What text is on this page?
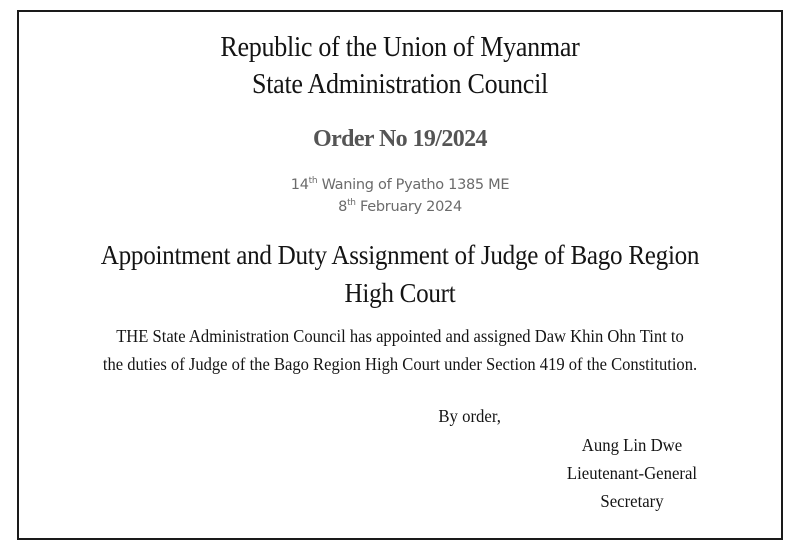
Republic of the Union of Myanmar
State Administration Council
Order No 19/2024
14th Waning of Pyatho 1385 ME
8th February 2024
Appointment and Duty Assignment of Judge of Bago Region
High Court
THE State Administration Council has appointed and assigned Daw Khin Ohn Tint to
the duties of Judge of the Bago Region High Court under Section 419 of the Constitution.
By order,
Aung Lin Dwe
Lieutenant-General
Secretary
